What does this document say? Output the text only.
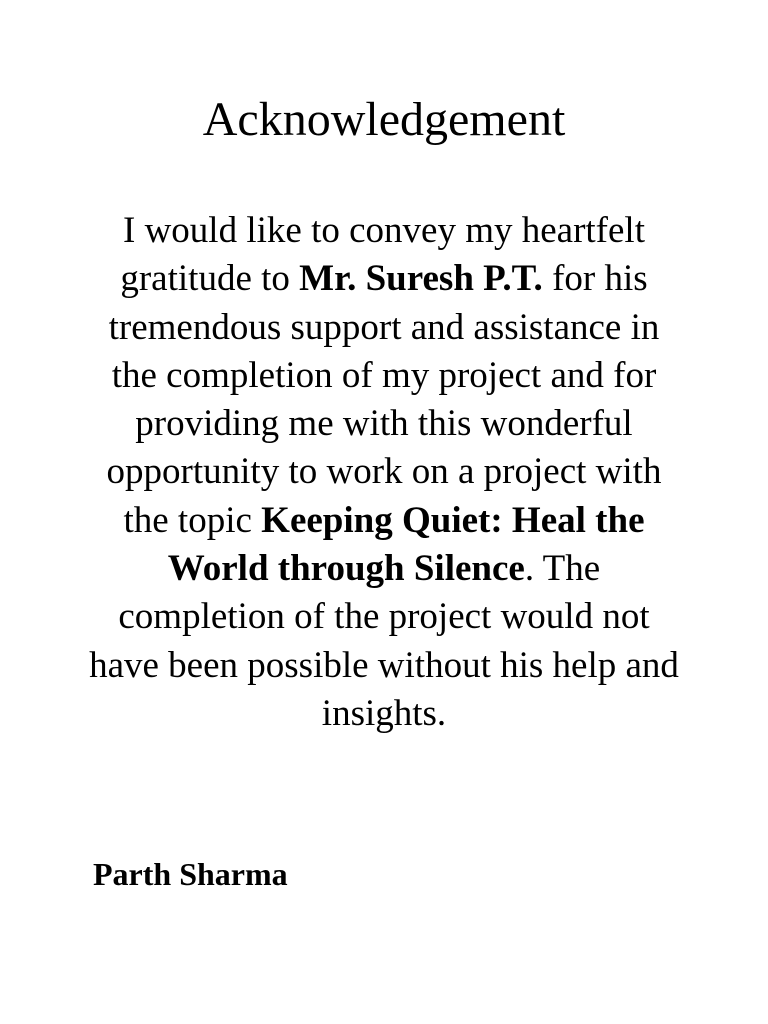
Acknowledgement

I would like to convey my heartfelt gratitude to Mr. Suresh P.T. for his tremendous support and assistance in the completion of my project and for providing me with this wonderful opportunity to work on a project with the topic Keeping Quiet: Heal the World through Silence. The completion of the project would not have been possible without his help and insights.

Parth Sharma
